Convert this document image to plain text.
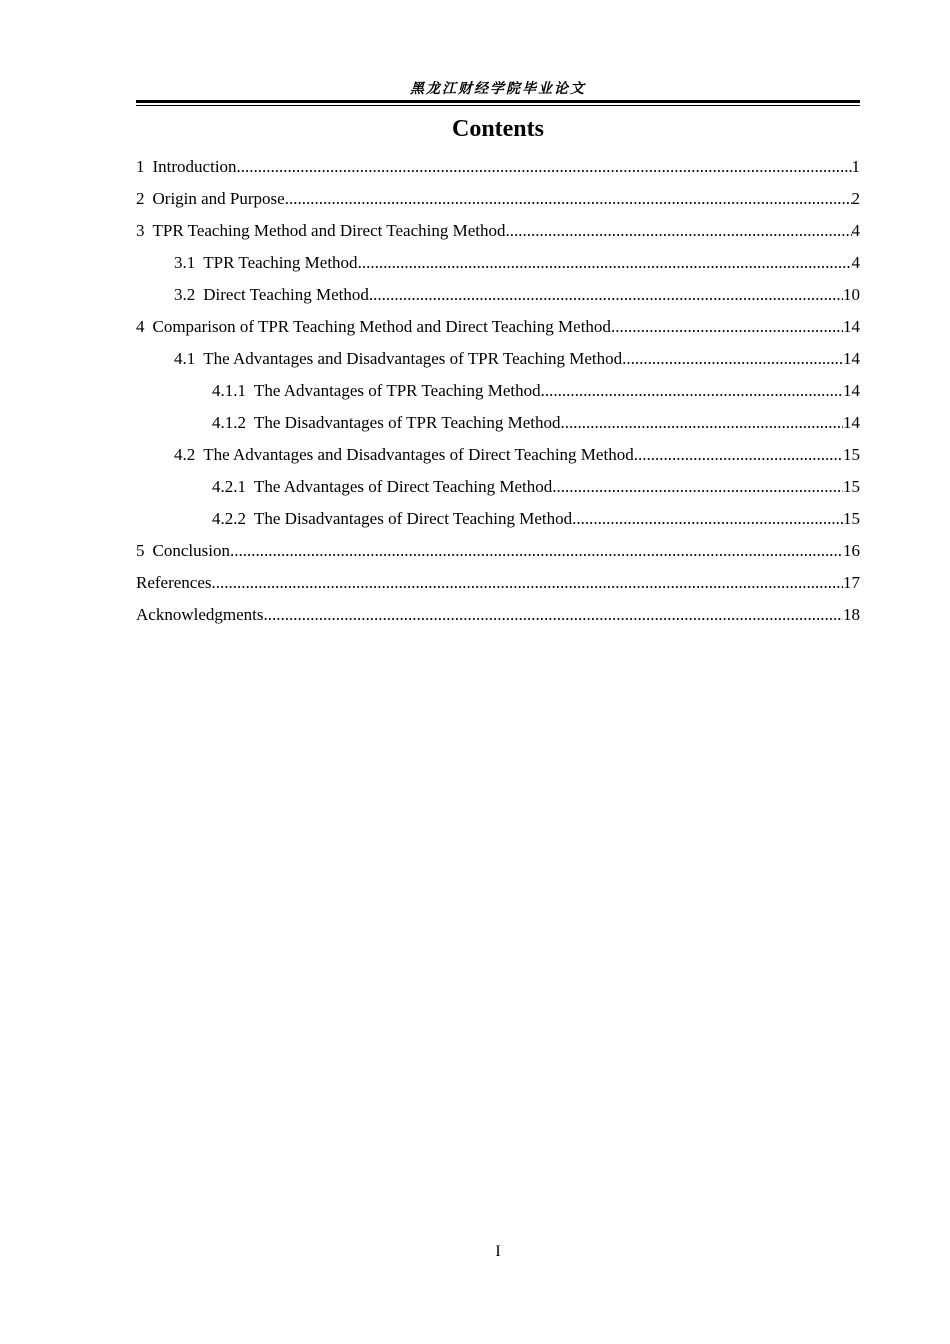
黑龙江财经学院毕业论文
Contents
1 Introduction .....	1
2 Origin and Purpose .....	2
3 TPR Teaching Method and Direct Teaching Method .....	4
3.1 TPR Teaching Method .....	4
3.2 Direct Teaching Method .....	10
4 Comparison of TPR Teaching Method and Direct Teaching Method .....	14
4.1 The Advantages and Disadvantages of TPR Teaching Method .....	14
4.1.1 The Advantages of TPR Teaching Method .....	14
4.1.2 The Disadvantages of TPR Teaching Method .....	14
4.2 The Advantages and Disadvantages of Direct Teaching Method .....	15
4.2.1 The Advantages of Direct Teaching Method .....	15
4.2.2 The Disadvantages of Direct Teaching Method .....	15
5 Conclusion .....	16
References .....	17
Acknowledgments .....	18
I
